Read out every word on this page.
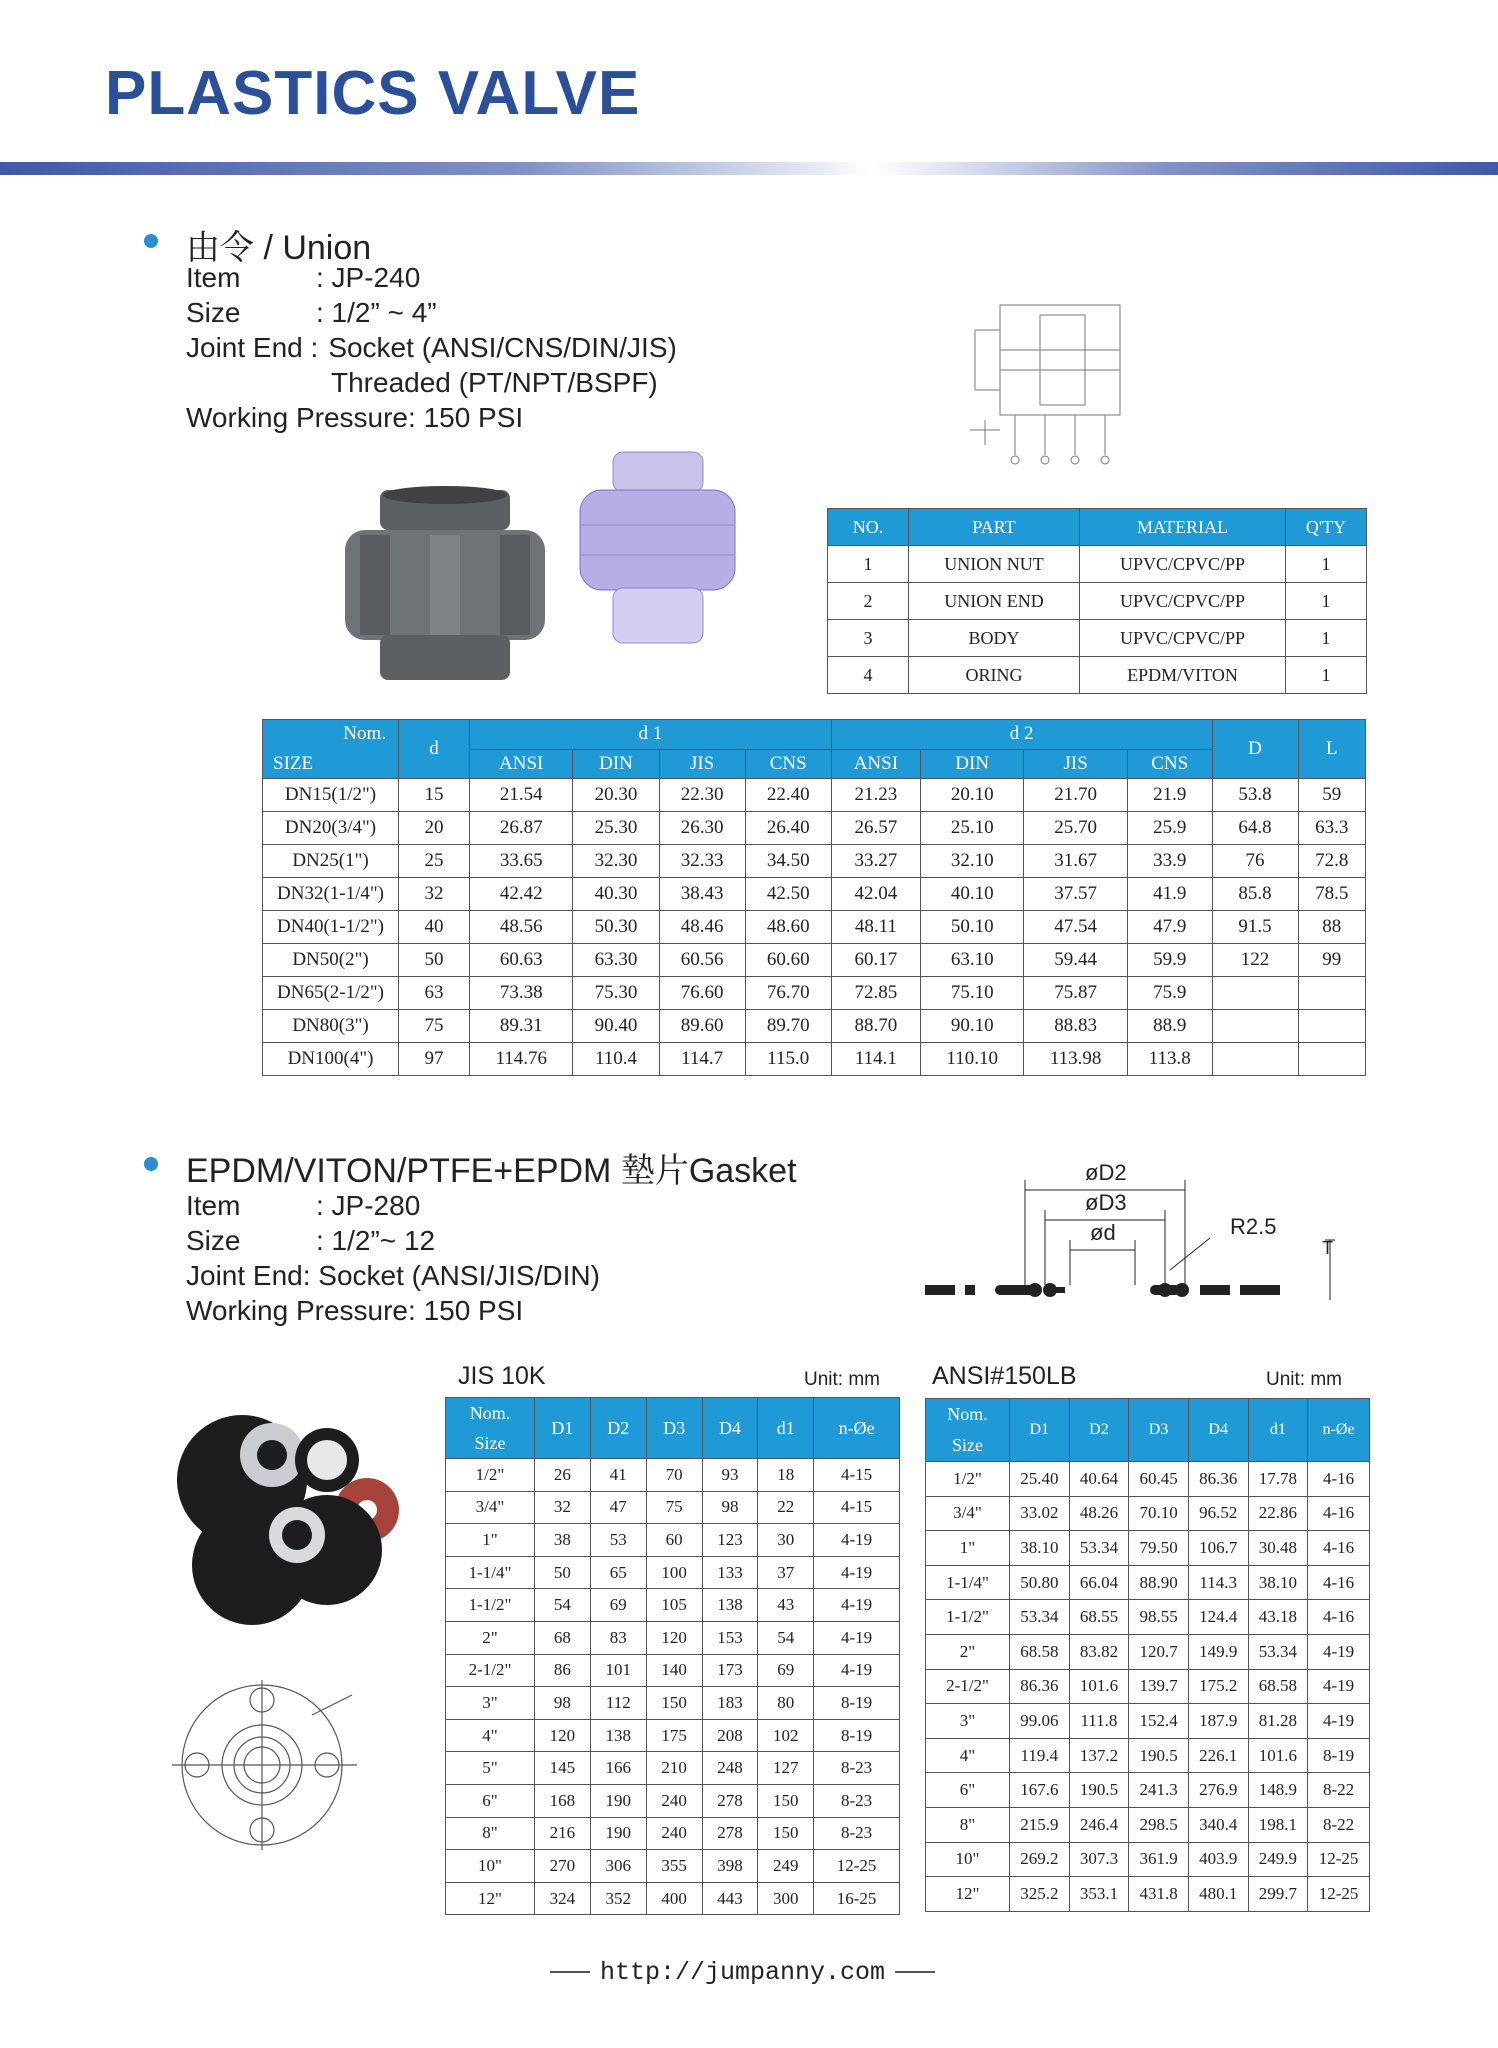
PLASTICS VALVE
由令 / Union
Item	: JP-240
Size	: 1/2” ~ 4”
Joint End : Socket (ANSI/CNS/DIN/JIS)
Threaded (PT/NPT/BSPF)
Working Pressure: 150 PSI
NO.	PART	MATERIAL	Q'TY
1	UNION NUT	UPVC/CPVC/PP	1
2	UNION END	UPVC/CPVC/PP	1
3	BODY	UPVC/CPVC/PP	1
4	ORING	EPDM/VITON	1
Nom.
SIZE	d	d 1				d 2				D	L
		ANSI	DIN	JIS	CNS	ANSI	DIN	JIS	CNS		
DN15(1/2")	15	21.54	20.30	22.30	22.40	21.23	20.10	21.70	21.9	53.8	59
DN20(3/4")	20	26.87	25.30	26.30	26.40	26.57	25.10	25.70	25.9	64.8	63.3
DN25(1")	25	33.65	32.30	32.33	34.50	33.27	32.10	31.67	33.9	76	72.8
DN32(1-1/4")	32	42.42	40.30	38.43	42.50	42.04	40.10	37.57	41.9	85.8	78.5
DN40(1-1/2")	40	48.56	50.30	48.46	48.60	48.11	50.10	47.54	47.9	91.5	88
DN50(2")	50	60.63	63.30	60.56	60.60	60.17	63.10	59.44	59.9	122	99
DN65(2-1/2")	63	73.38	75.30	76.60	76.70	72.85	75.10	75.87	75.9		
DN80(3")	75	89.31	90.40	89.60	89.70	88.70	90.10	88.83	88.9		
DN100(4")	97	114.76	110.4	114.7	115.0	114.1	110.10	113.98	113.8		
EPDM/VITON/PTFE+EPDM 墊片Gasket
Item	: JP-280
Size	: 1/2”~ 12
Joint End: Socket (ANSI/JIS/DIN)
Working Pressure: 150 PSI
øD2
øD3
ød	R2.5
T
JIS 10K	Unit: mm
Nom.	D1	D2	D3	D4	d1	n-Øe
Size						
1/2"	26	41	70	93	18	4-15
3/4"	32	47	75	98	22	4-15
1"	38	53	60	123	30	4-19
1-1/4"	50	65	100	133	37	4-19
1-1/2"	54	69	105	138	43	4-19
2"	68	83	120	153	54	4-19
2-1/2"	86	101	140	173	69	4-19
3"	98	112	150	183	80	8-19
4"	120	138	175	208	102	8-19
5"	145	166	210	248	127	8-23
6"	168	190	240	278	150	8-23
8"	216	190	240	278	150	8-23
10"	270	306	355	398	249	12-25
12"	324	352	400	443	300	16-25
ANSI#150LB	Unit: mm
Nom.	D1	D2	D3	D4	d1	n-Øe
Size						
1/2"	25.40	40.64	60.45	86.36	17.78	4-16
3/4"	33.02	48.26	70.10	96.52	22.86	4-16
1"	38.10	53.34	79.50	106.7	30.48	4-16
1-1/4"	50.80	66.04	88.90	114.3	38.10	4-16
1-1/2"	53.34	68.55	98.55	124.4	43.18	4-16
2"	68.58	83.82	120.7	149.9	53.34	4-19
2-1/2"	86.36	101.6	139.7	175.2	68.58	4-19
3"	99.06	111.8	152.4	187.9	81.28	4-19
4"	119.4	137.2	190.5	226.1	101.6	8-19
6"	167.6	190.5	241.3	276.9	148.9	8-22
8"	215.9	246.4	298.5	340.4	198.1	8-22
10"	269.2	307.3	361.9	403.9	249.9	12-25
12"	325.2	353.1	431.8	480.1	299.7	12-25
http://jumpanny.com
